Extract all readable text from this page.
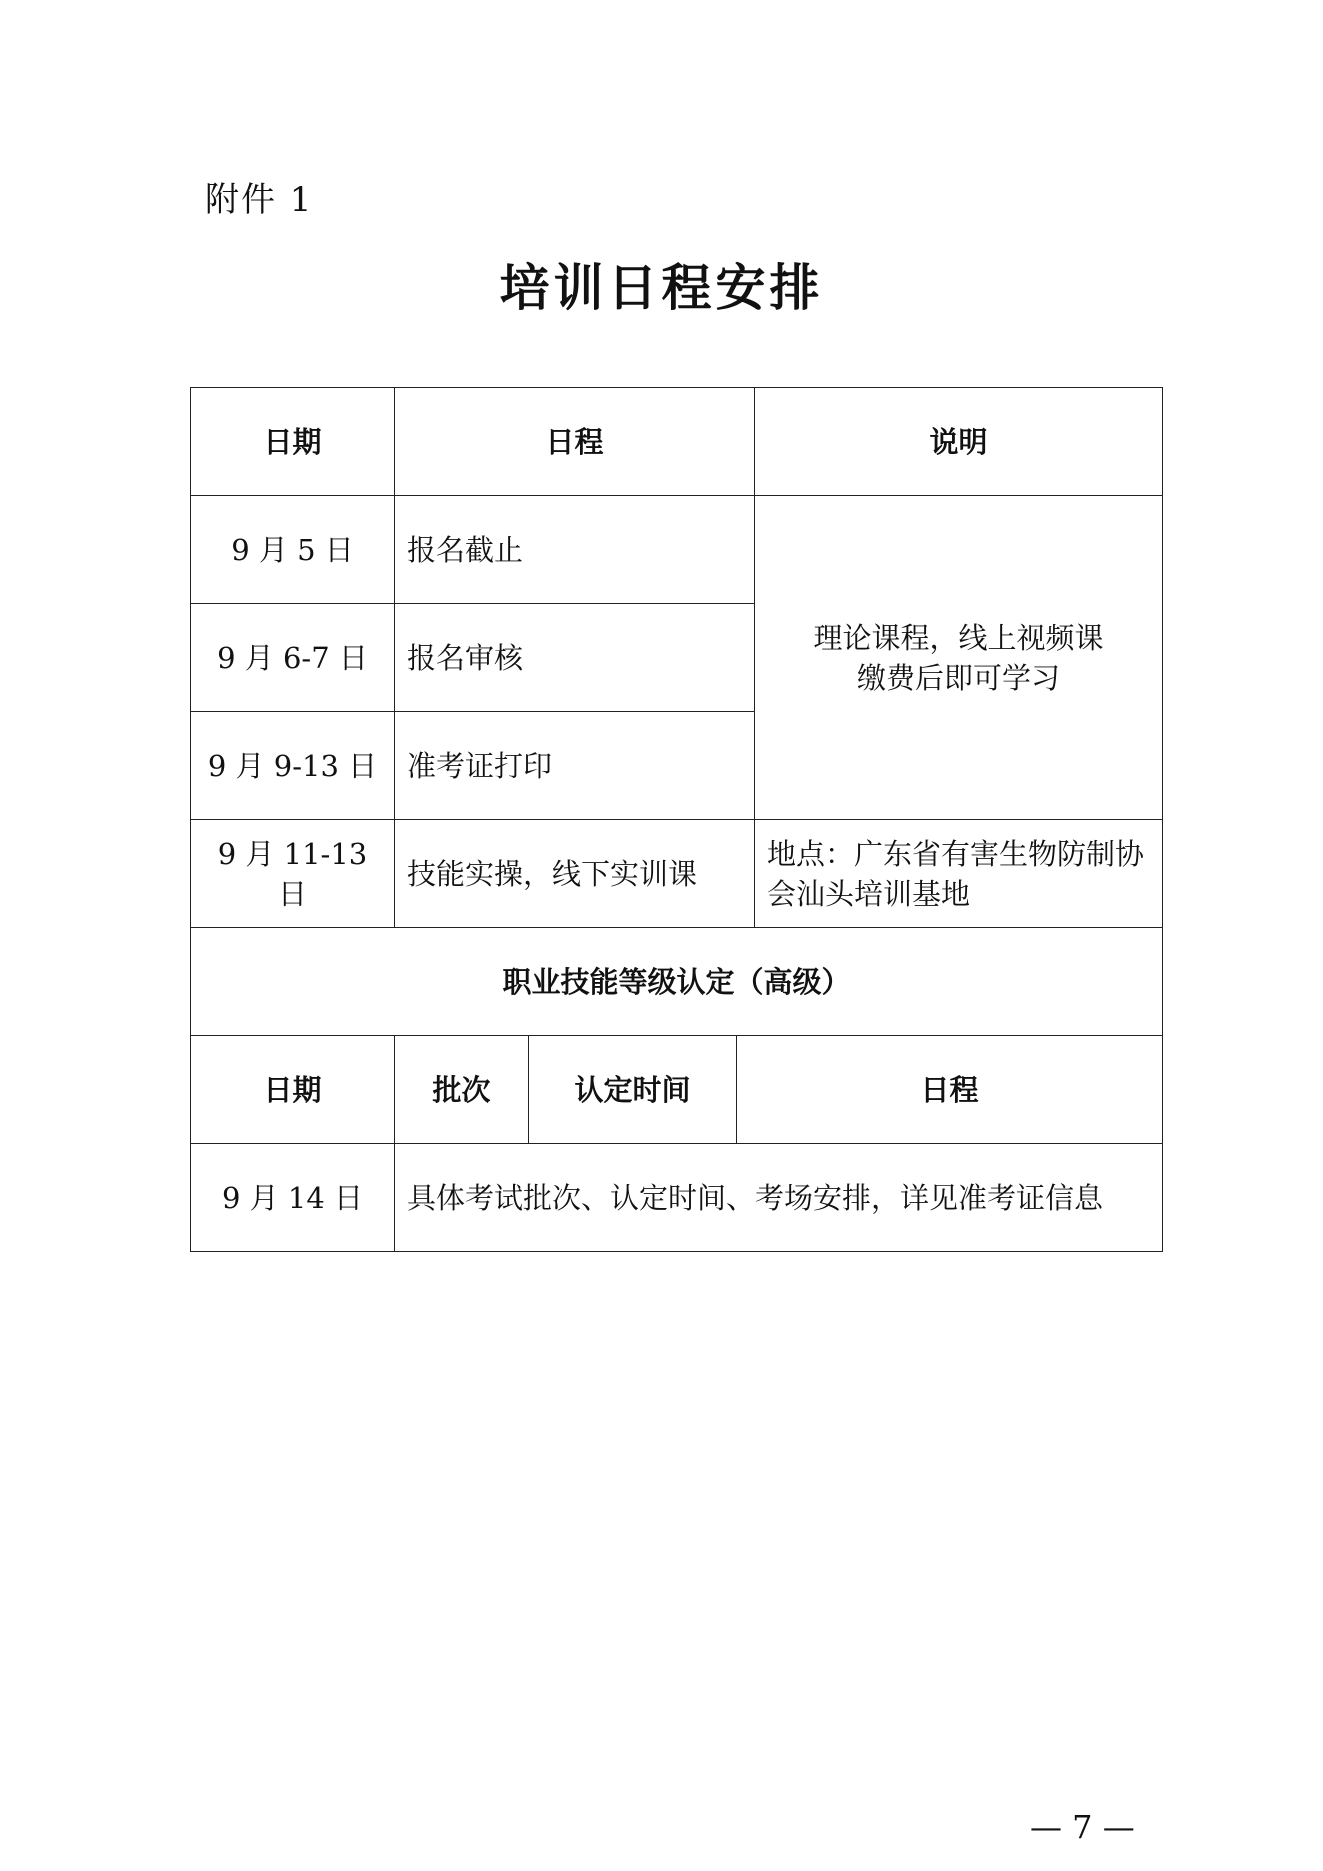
附件 1
培训日程安排
日期	日程			说明
9 月 5 日	报名截止			理论课程，线上视频课
缴费后即可学习

9 月 6-7 日	报名审核			
9 月 9-13 日	准考证打印			
9 月 11-13 日	技能实操，线下实训课			地点：广东省有害生物防制协会汕头培训基地
职业技能等级认定（高级）				
日期	批次	认定时间	日程	
9 月 14 日	具体考试批次、认定时间、考场安排，详见准考证信息			
— 7 —
